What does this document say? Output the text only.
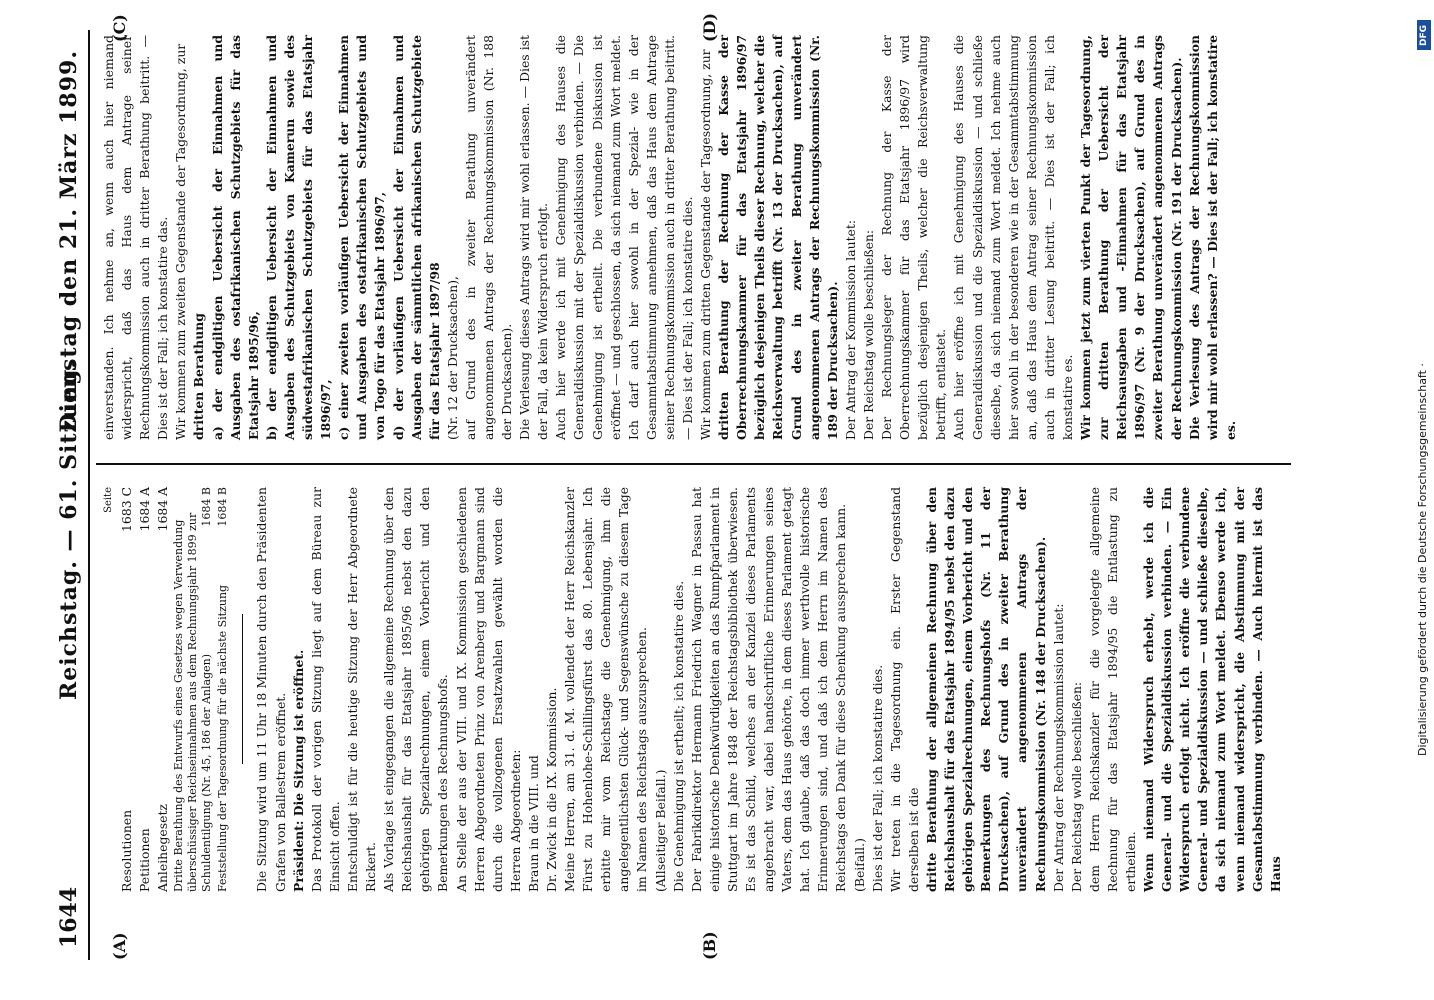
1644
Reichstag. — 61. Sitzung.
Dienstag den 21. März 1899.
(A)	(B)
(C)	(D)
Seite
Resolutionen
1683 C
Petitionen
1684 A
Anleihegesetz
1684 A
Dritte Berathung des Entwurfs eines Gesetzes wegen Verwendung überschüssiger Reichseinnahmen aus dem Rechnungsjahr 1899 zur Schuldentilgung (Nr. 45, 186 der Anlagen)
1684 B
Feststellung der Tagesordnung für die nächste Sitzung
1684 B Die Sitzung wird um 11 Uhr 18 Minuten durch den Präsidenten Grafen von Ballestrem eröffnet. Präsident: Die Sitzung ist eröffnet. Das Protokoll der vorigen Sitzung liegt auf dem Büreau zur Einsicht offen. Entschuldigt ist für die heutige Sitzung der Herr Abgeordnete Rickert. Als Vorlage ist eingegangen die allgemeine Rechnung über den Reichshaushalt für das Etatsjahr 1895/96 nebst den dazu gehörigen Spezialrechnungen, einem Vorbericht und den Bemerkungen des Rechnungshofs. An Stelle der aus der VIII. und IX. Kommission geschiedenen Herren Abgeordneten Prinz von Arenberg und Bargmann sind durch die vollzogenen Ersatzwahlen gewählt worden die Herren Abgeordneten: Braun in die VIII. und Dr. Zwick in die IX. Kommission. Meine Herren, am 31. d. M. vollendet der Herr Reichskanzler Fürst zu Hohenlohe-Schillingsfürst das 80. Lebensjahr. Ich erbitte mir vom Reichstage die Genehmigung, ihm die angelegentlichsten Glück- und Segenswünsche zu diesem Tage im Namen des Reichstags auszusprechen. (Allseitiger Beifall.) Die Genehmigung ist ertheilt; ich konstatire dies. Der Fabrikdirektor Hermann Friedrich Wagner in Passau hat einige historische Denkwürdigkeiten an das Rumpfparlament in Stuttgart im Jahre 1848 der Reichstagsbibliothek überwiesen. Es ist das Schild, welches an der Kanzlei dieses Parlaments angebracht war, dabei handschriftliche Erinnerungen seines Vaters, dem das Haus gehörte, in dem dieses Parlament getagt hat. Ich glaube, daß das doch immer werthvolle historische Erinnerungen sind, und daß ich dem Herrn im Namen des Reichstags den Dank für diese Schenkung aussprechen kann. (Beifall.) Dies ist der Fall; ich konstatire dies. Wir treten in die Tagesordnung ein. Erster Gegenstand derselben ist die dritte Berathung der allgemeinen Rechnung über den Reichshaushalt für das Etatsjahr 1894/95 nebst den dazu gehörigen Spezialrechnungen, einem Vorbericht und den Bemerkungen des Rechnungshofs (Nr. 11 der Drucksachen), auf Grund des in zweiter Berathung unverändert angenommenen Antrags der Rechnungskommission (Nr. 148 der Drucksachen). Der Antrag der Rechnungskommission lautet: Der Reichstag wolle beschließen: dem Herrn Reichskanzler für die vorgelegte allgemeine Rechnung für das Etatsjahr 1894/95 die Entlastung zu ertheilen. Wenn niemand Widerspruch erhebt, werde ich die General- und die Spezialdiskussion verbinden. — Ein Widerspruch erfolgt nicht. Ich eröffne die verbundene General- und Spezialdiskussion — und schließe dieselbe, da sich niemand zum Wort meldet. Ebenso werde ich, wenn niemand widerspricht, die Abstimmung mit der Gesamtabstimmung verbinden. — Auch hiermit ist das Haus

einverstanden. Ich nehme an, wenn auch hier niemand widerspricht, daß das Haus dem Antrage seiner Rechnungskommission auch in dritter Berathung beitritt. — Dies ist der Fall; ich konstatire das. Wir kommen zum zweiten Gegenstande der Tagesordnung, zur dritten Berathung a) der endgiltigen Uebersicht der Einnahmen und Ausgaben des ostafrikanischen Schutzgebiets für das Etatsjahr 1895/96, b) der endgiltigen Uebersicht der Einnahmen und Ausgaben des Schutzgebiets von Kamerun sowie des südwestafrikanischen Schutzgebiets für das Etatsjahr 1896/97, c) einer zweiten vorläufigen Uebersicht der Einnahmen und Ausgaben des ostafrikanischen Schutzgebiets und von Togo für das Etatsjahr 1896/97, d) der vorläufigen Uebersicht der Einnahmen und Ausgaben der sämmtlichen afrikanischen Schutzgebiete für das Etatsjahr 1897/98 (Nr. 12 der Drucksachen), auf Grund des in zweiter Berathung unverändert angenommenen Antrags der Rechnungskommission (Nr. 188 der Drucksachen). Die Verlesung dieses Antrags wird mir wohl erlassen. — Dies ist der Fall, da kein Widerspruch erfolgt. Auch hier werde ich mit Genehmigung des Hauses die Generaldiskussion mit der Spezialdiskussion verbinden. — Die Genehmigung ist ertheilt. Die verbundene Diskussion ist eröffnet — und geschlossen, da sich niemand zum Wort meldet. Ich darf auch hier sowohl in der Spezial- wie in der Gesammtabstimmung annehmen, daß das Haus dem Antrage seiner Rechnungskommission auch in dritter Berathung beitritt. — Dies ist der Fall; ich konstatire dies. Wir kommen zum dritten Gegenstande der Tagesordnung, zur dritten Berathung der Rechnung der Kasse der Oberrechnungskammer für das Etatsjahr 1896/97 bezüglich desjenigen Theils dieser Rechnung, welcher die Reichsverwaltung betrifft (Nr. 13 der Drucksachen), auf Grund des in zweiter Berathung unverändert angenommenen Antrags der Rechnungskommission (Nr. 189 der Drucksachen). Der Antrag der Kommission lautet: Der Reichstag wolle beschließen: Der Rechnungsleger der Rechnung der Kasse der Oberrechnungskammer für das Etatsjahr 1896/97 wird bezüglich desjenigen Theils, welcher die Reichsverwaltung betrifft, entlastet. Auch hier eröffne ich mit Genehmigung des Hauses die Generaldiskussion und die Spezialdiskussion — und schließe dieselbe, da sich niemand zum Wort meldet. Ich nehme auch hier sowohl in der besonderen wie in der Gesammtabstimmung an, daß das Haus dem Antrag seiner Rechnungskommission auch in dritter Lesung beitritt. — Dies ist der Fall; ich konstatire es. Wir kommen jetzt zum vierten Punkt der Tagesordnung, zur dritten Berathung der Uebersicht der Reichsausgaben und -Einnahmen für das Etatsjahr 1896/97 (Nr. 9 der Drucksachen), auf Grund des in zweiter Berathung unverändert angenommenen Antrags der Rechnungskommission (Nr. 191 der Drucksachen). Die Verlesung des Antrags der Rechnungskommission wird mir wohl erlassen? — Dies ist der Fall; ich konstatire es.

DFG
Digitalisierung gefördert durch die Deutsche Forschungsgemeinschaft ·
